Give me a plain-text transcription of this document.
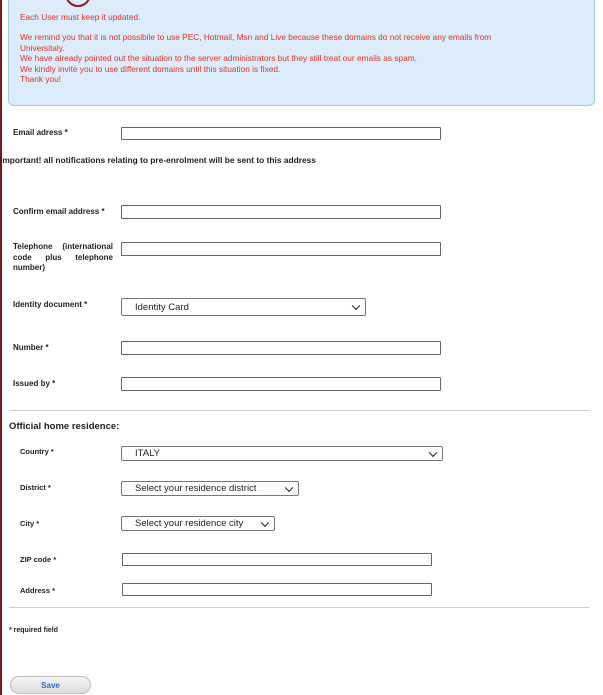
Each User must keep it updated.
We remind you that it is not possibile to use PEC, Hotmail, Msn and Live because these domains do not receive any emails from
Universitaly.
We have already pointed out the situation to the server administrators but they still treat our emails as spam.
We kindly invite you to use different domains until this situation is fixed.
Thank you!
Email adress *
Important! all notifications relating to pre-enrolment will be sent to this address
Confirm email address *
Telephone (international code plus telephone number)
Identity document *	Identity Card
Number *
Issued by *
Official home residence:
Country *	ITALY
District *	Select your residence district
City *	Select your residence city
ZIP code *
Address *
* required field
Save
